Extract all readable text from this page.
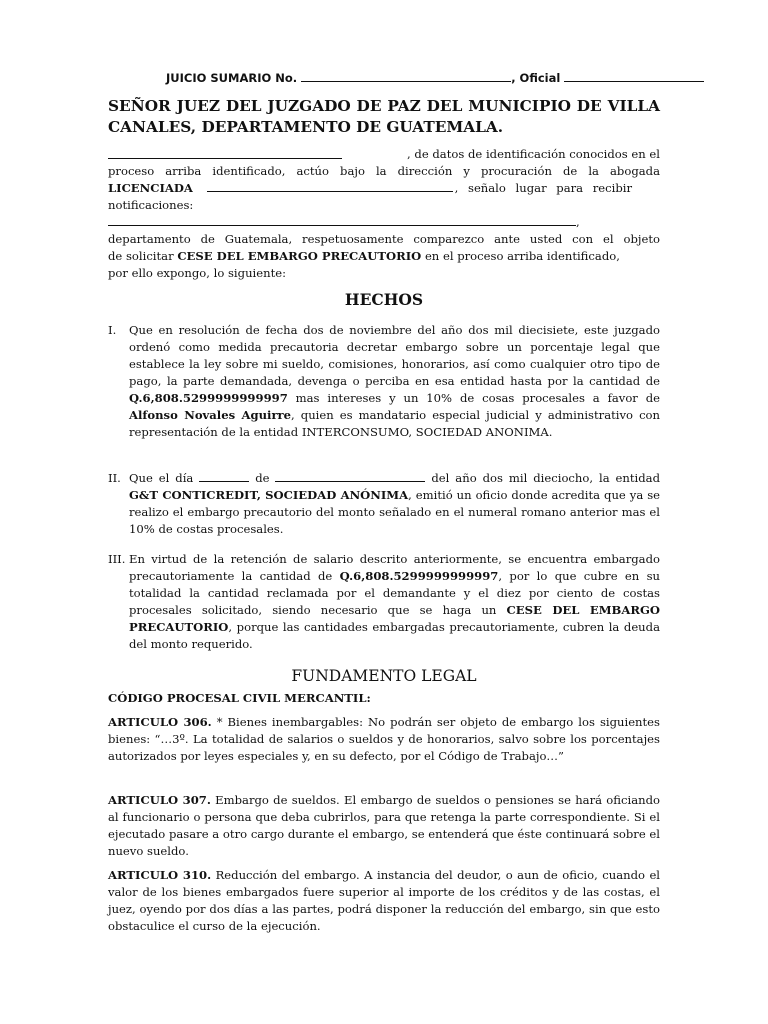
JUICIO SUMARIO No.	, Oficial
SEÑOR JUEZ DEL JUZGADO DE PAZ DEL MUNICIPIO DE VILLA CANALES, DEPARTAMENTO DE GUATEMALA.
, de datos de identificación conocidos en el
proceso arriba identificado, actúo bajo la dirección y procuración de la abogada
LICENCIADA	, señalo lugar para recibir
notificaciones:
,
departamento de Guatemala, respetuosamente comparezco ante usted con el objeto
de solicitar CESE DEL EMBARGO PRECAUTORIO en el proceso arriba identificado,
por ello expongo, lo siguiente:
HECHOS
I. Que en resolución de fecha dos de noviembre del año dos mil diecisiete, este juzgado ordenó como medida precautoria decretar embargo sobre un porcentaje legal que establece la ley sobre mi sueldo, comisiones, honorarios, así como cualquier otro tipo de pago, la parte demandada, devenga o perciba en esa entidad hasta por la cantidad de Q.6,808.5299999999997 mas intereses y un 10% de cosas procesales a favor de Alfonso Novales Aguirre, quien es mandatario especial judicial y administrativo con representación de la entidad INTERCONSUMO, SOCIEDAD ANONIMA.
II. Que el día	de	del año dos mil dieciocho, la entidad G&T CONTICREDIT, SOCIEDAD ANÓNIMA, emitió un oficio donde acredita que ya se realizo el embargo precautorio del monto señalado en el numeral romano anterior mas el 10% de costas procesales.
III. En virtud de la retención de salario descrito anteriormente, se encuentra embargado precautoriamente la cantidad de Q.6,808.5299999999997, por lo que cubre en su totalidad la cantidad reclamada por el demandante y el diez por ciento de costas procesales solicitado, siendo necesario que se haga un CESE DEL EMBARGO PRECAUTORIO, porque las cantidades embargadas precautoriamente, cubren la deuda del monto requerido.
FUNDAMENTO LEGAL
CÓDIGO PROCESAL CIVIL MERCANTIL:
ARTICULO 306. * Bienes inembargables: No podrán ser objeto de embargo los siguientes bienes: “…3º. La totalidad de salarios o sueldos y de honorarios, salvo sobre los porcentajes autorizados por leyes especiales y, en su defecto, por el Código de Trabajo…”
ARTICULO 307. Embargo de sueldos. El embargo de sueldos o pensiones se hará oficiando al funcionario o persona que deba cubrirlos, para que retenga la parte correspondiente. Si el ejecutado pasare a otro cargo durante el embargo, se entenderá que éste continuará sobre el nuevo sueldo.
ARTICULO 310. Reducción del embargo. A instancia del deudor, o aun de oficio, cuando el valor de los bienes embargados fuere superior al importe de los créditos y de las costas, el juez, oyendo por dos días a las partes, podrá disponer la reducción del embargo, sin que esto obstaculice el curso de la ejecución.
